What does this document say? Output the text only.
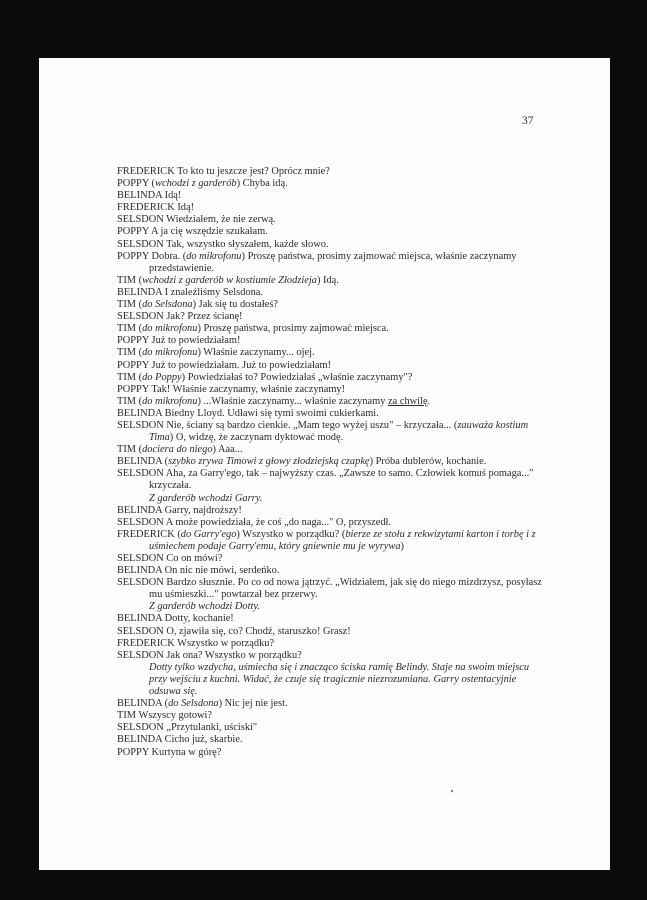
37
FREDERICK To kto tu jeszcze jest? Oprócz mnie?
POPPY (wchodzi z garderób) Chyba idą.
BELINDA Idą!
FREDERICK Idą!
SELSDON Wiedziałem, że nie zerwą.
POPPY A ja cię wszędzie szukałam.
SELSDON Tak, wszystko słyszałem, każde słowo.
POPPY Dobra. (do mikrofonu) Proszę państwa, prosimy zajmować miejsca, właśnie zaczynamy przedstawienie.
TIM (wchodzi z garderób w kostiumie Złodzieja) Idą.
BELINDA I znaleźliśmy Selsdona.
TIM (do Selsdona) Jak się tu dostałeś?
SELSDON Jak? Przez ścianę!
TIM (do mikrofonu) Proszę państwa, prosimy zajmować miejsca.
POPPY Już to powiedziałam!
TIM (do mikrofonu) Właśnie zaczynamy... ojej.
POPPY Już to powiedziałam. Już to powiedziałam!
TIM (do Poppy) Powiedziałaś to? Powiedziałaś „właśnie zaczynamy"?
POPPY Tak! Właśnie zaczynamy, właśnie zaczynamy!
TIM (do mikrofonu) ...Właśnie zaczynamy... właśnie zaczynamy za chwilę.
BELINDA Biedny Lloyd. Udławi się tymi swoimi cukierkami.
SELSDON Nie, ściany są bardzo cienkie. „Mam tego wyżej uszu" – krzyczała... (zauważa kostium Tima) O, widzę, że zaczynam dyktować modę.
TIM (dociera do niego) Aaa...
BELINDA (szybko zrywa Timowi z głowy złodziejską czapkę) Próba dublerów, kochanie.
SELSDON Aha, za Garry'ego, tak – najwyższy czas. „Zawsze to samo. Człowiek komuś pomaga..." krzyczała.
Z garderób wchodzi Garry.
BELINDA Garry, najdroższy!
SELSDON A może powiedziała, że coś „do naga..." O, przyszedł.
FREDERICK (do Garry'ego) Wszystko w porządku? (bierze ze stołu z rekwizytami karton i torbę i z uśmiechem podaje Garry'emu, który gniewnie mu je wyrywa)
SELSDON Co on mówi?
BELINDA On nic nie mówi, serdeńko.
SELSDON Bardzo słusznie. Po co od nowa jątrzyć. „Widziałem, jak się do niego mizdrzysz, posyłasz mu uśmieszki..." powtarzał bez przerwy.
Z garderób wchodzi Dotty.
BELINDA Dotty, kochanie!
SELSDON O, zjawiła się, co? Chodź, staruszko! Grasz!
FREDERICK Wszystko w porządku?
SELSDON Jak ona? Wszystko w porządku?
Dotty tylko wzdycha, uśmiecha się i znacząco ściska ramię Belindy. Staje na swoim miejscu przy wejściu z kuchni. Widać, że czuje się tragicznie niezrozumiana. Garry ostentacyjnie odsuwa się.
BELINDA (do Selsdona) Nic jej nie jest.
TIM Wszyscy gotowi?
SELSDON „Przytulanki, uściski"
BELINDA Cicho już, skarbie.
POPPY Kurtyna w górę?
